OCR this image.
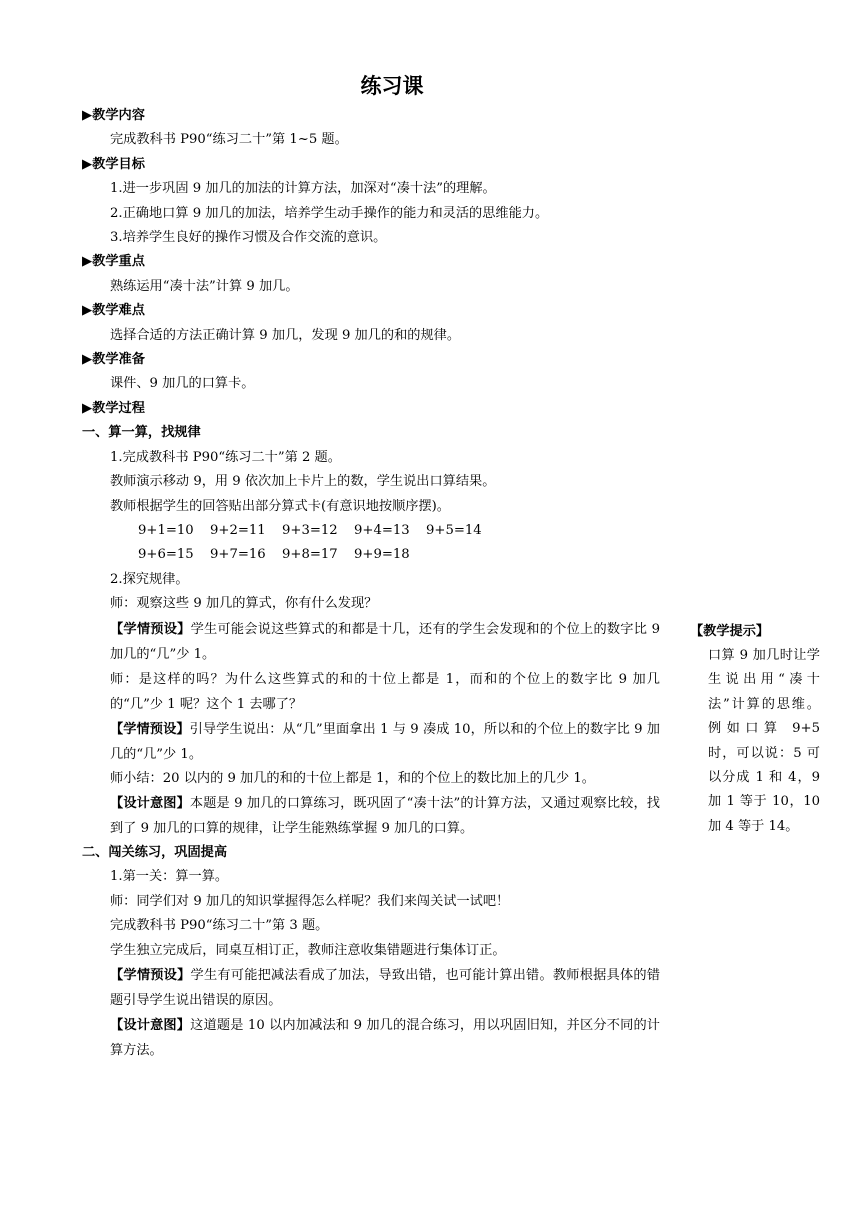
练习课
▶教学内容
完成教科书 P90“练习二十”第 1~5 题。
▶教学目标
1.进一步巩固 9 加几的加法的计算方法，加深对“凑十法”的理解。
2.正确地口算 9 加几的加法，培养学生动手操作的能力和灵活的思维能力。
3.培养学生良好的操作习惯及合作交流的意识。
▶教学重点
熟练运用“凑十法”计算 9 加几。
▶教学难点
选择合适的方法正确计算 9 加几，发现 9 加几的和的规律。
▶教学准备
课件、9 加几的口算卡。
▶教学过程
一、算一算，找规律
1.完成教科书 P90“练习二十”第 2 题。
教师演示移动 9，用 9 依次加上卡片上的数，学生说出口算结果。
教师根据学生的回答贴出部分算式卡(有意识地按顺序摆)。
9+1=10 9+2=11 9+3=12 9+4=13 9+5=14
9+6=15 9+7=16 9+8=17 9+9=18
2.探究规律。
师：观察这些 9 加几的算式，你有什么发现？
【学情预设】学生可能会说这些算式的和都是十几，还有的学生会发现和的个位上的数字比 9 加几的“几”少 1。
师：是这样的吗？为什么这些算式的和的十位上都是 1，而和的个位上的数字比 9 加几的“几”少 1 呢？这个 1 去哪了？
【学情预设】引导学生说出：从“几”里面拿出 1 与 9 凑成 10，所以和的个位上的数字比 9 加几的“几”少 1。
师小结：20 以内的 9 加几的和的十位上都是 1，和的个位上的数比加上的几少 1。
【设计意图】本题是 9 加几的口算练习，既巩固了“凑十法”的计算方法，又通过观察比较，找到了 9 加几的口算的规律，让学生能熟练掌握 9 加几的口算。
二、闯关练习，巩固提高
1.第一关：算一算。
师：同学们对 9 加几的知识掌握得怎么样呢？我们来闯关试一试吧！
完成教科书 P90“练习二十”第 3 题。
学生独立完成后，同桌互相订正，教师注意收集错题进行集体订正。
【学情预设】学生有可能把减法看成了加法，导致出错，也可能计算出错。教师根据具体的错题引导学生说出错误的原因。
【设计意图】这道题是 10 以内加减法和 9 加几的混合练习，用以巩固旧知，并区分不同的计算方法。
【教学提示】
口算 9 加几时让学生说出用“凑十法”计算的思维。例如口算 9+5 时，可以说：5 可以分成 1 和 4，9 加 1 等于 10，10 加 4 等于 14。
